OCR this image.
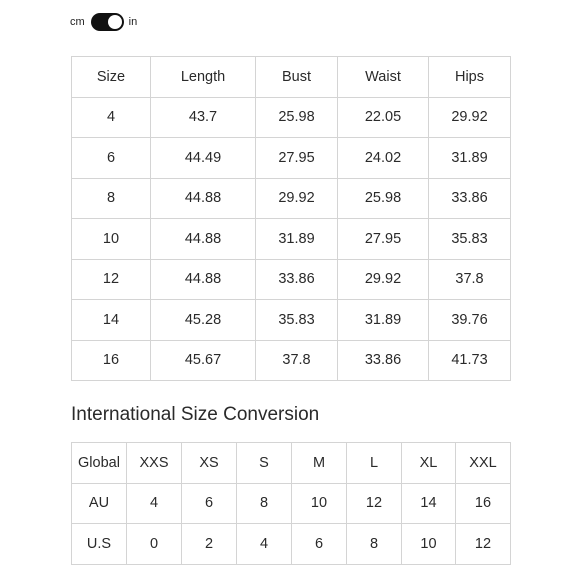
cm	in
Size	Length	Bust	Waist	Hips
4	43.7	25.98	22.05	29.92
6	44.49	27.95	24.02	31.89
8	44.88	29.92	25.98	33.86
10	44.88	31.89	27.95	35.83
12	44.88	33.86	29.92	37.8
14	45.28	35.83	31.89	39.76
16	45.67	37.8	33.86	41.73
International Size Conversion
Global	XXS	XS	S	M	L	XL	XXL
AU	4	6	8	10	12	14	16
U.S	0	2	4	6	8	10	12
